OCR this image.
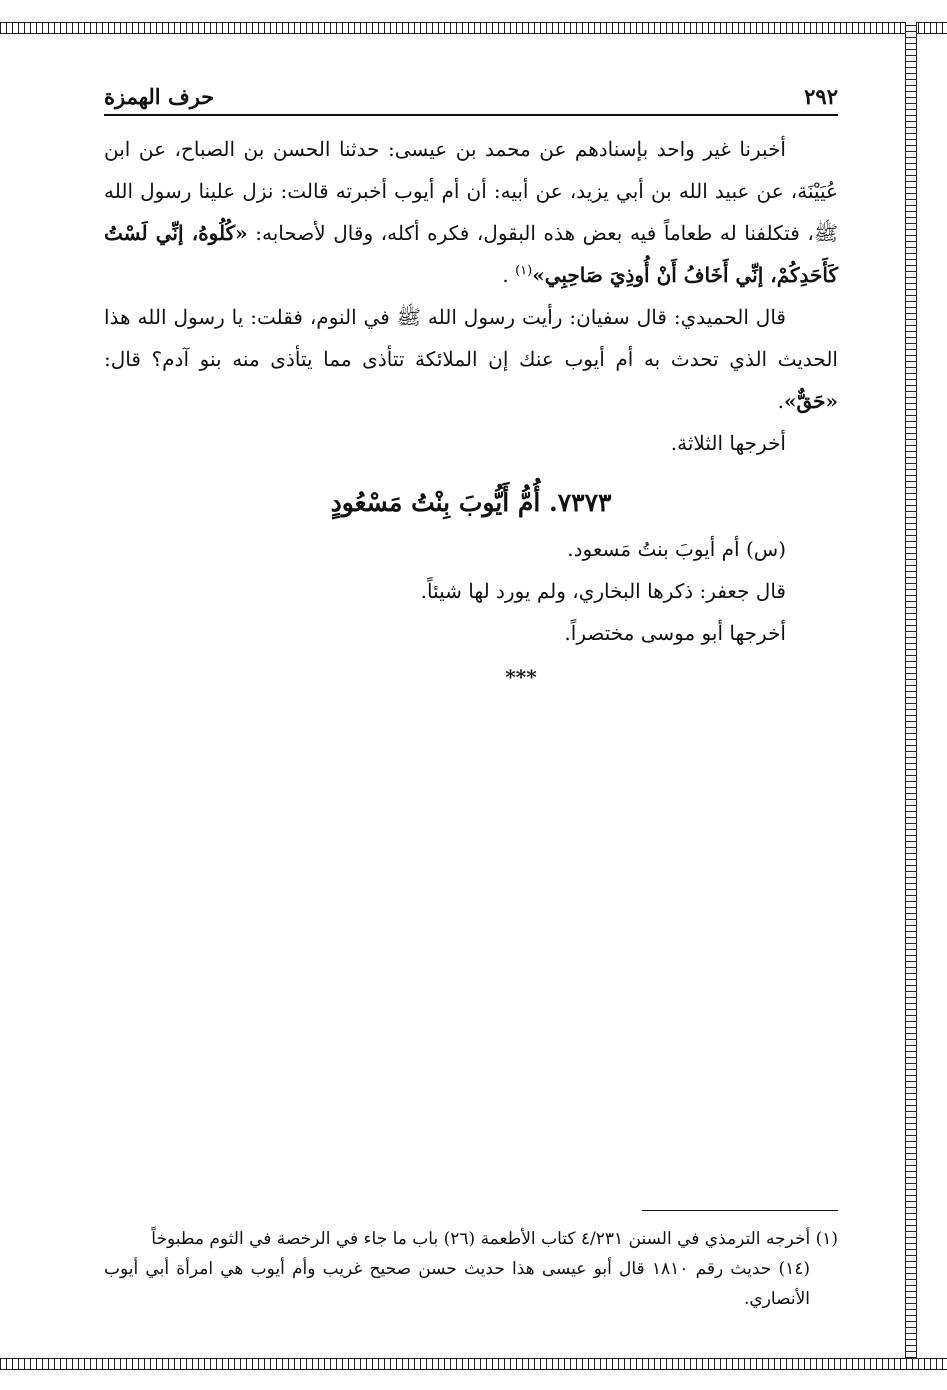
٢٩٢
حرف الهمزة

أخبرنا غير واحد بإسنادهم عن محمد بن عيسى: حدثنا الحسن بن الصباح، عن ابن عُيَيْنَة، عن عبيد الله بن أبي يزيد، عن أبيه: أن أم أيوب أخبرته قالت: نزل علينا رسول الله ﷺ، فتكلفنا له طعاماً فيه بعض هذه البقول، فكره أكله، وقال لأصحابه: «كُلُوهُ، إنِّي لَسْتُ كَأَحَدِكُمْ، إنِّي أَخَافُ أَنْ أُوذِيَ صَاحِبِي»$^{(١)}$ .

قال الحميدي: قال سفيان: رأيت رسول الله ﷺ في النوم، فقلت: يا رسول الله هذا الحديث الذي تحدث به أم أيوب عنك إن الملائكة تتأذى مما يتأذى منه بنو آدم؟ قال: «حَقٌّ».

أخرجها الثلاثة.

٧٣٧٣. أُمُّ أَيُّوبَ بِنْتُ مَسْعُودٍ

(س) أم أيوبَ بنتُ مَسعود.

قال جعفر: ذكرها البخاري، ولم يورد لها شيئاً.

أخرجها أبو موسى مختصراً.

***

(١) أخرجه الترمذي في السنن ٤/٢٣١ كتاب الأطعمة (٢٦) باب ما جاء في الرخصة في الثوم مطبوخاً

(١٤) حديث رقم ١٨١٠ قال أبو عيسى هذا حديث حسن صحيح غريب وأم أيوب هي امرأة أبي أيوب الأنصاري.
